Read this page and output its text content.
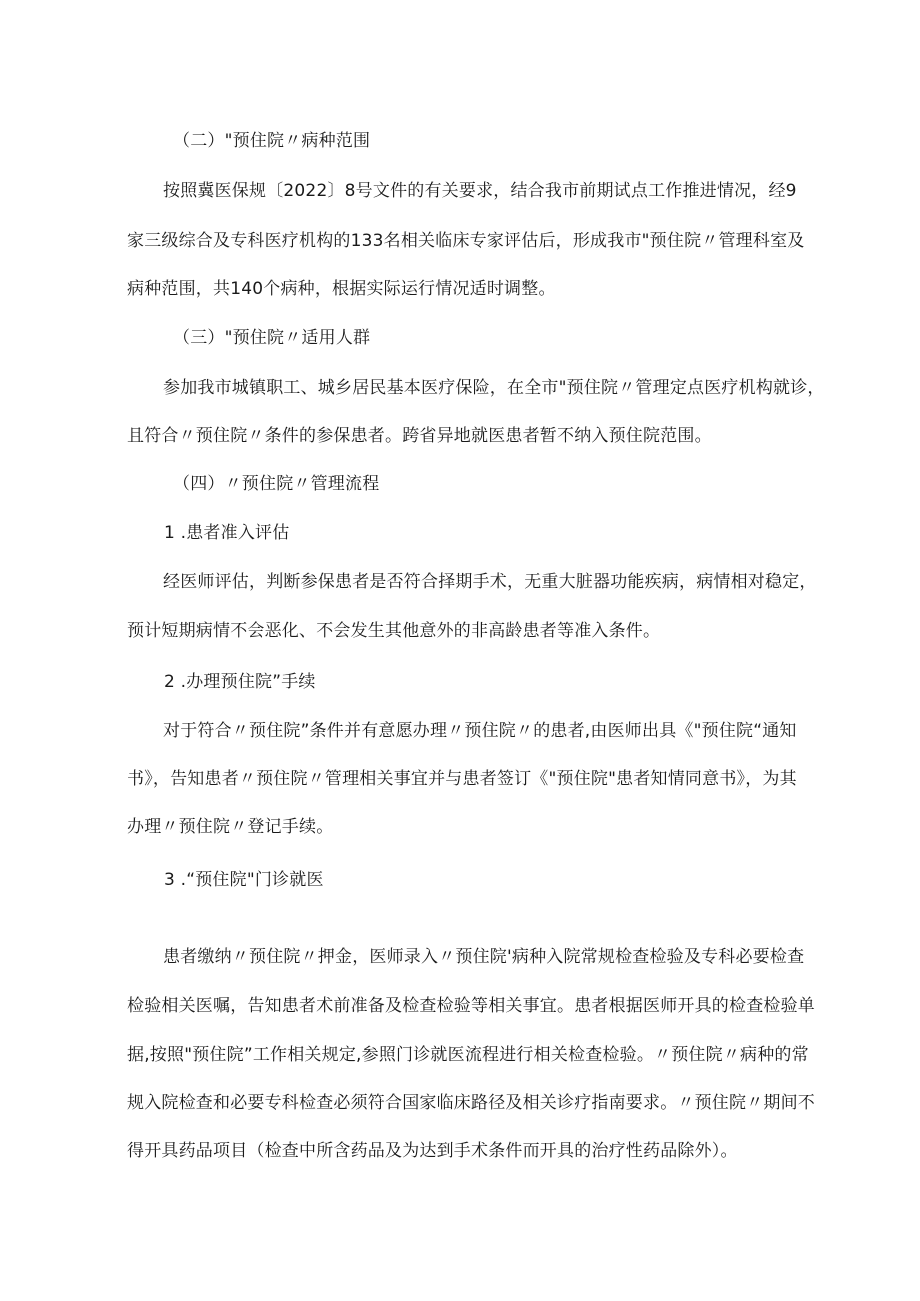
（二）"预住院〃病种范围
按照冀医保规〔2022〕8号文件的有关要求，结合我市前期试点工作推进情况，经9
家三级综合及专科医疗机构的133名相关临床专家评估后，形成我市"预住院〃管理科室及
病种范围，共140个病种，根据实际运行情况适时调整。
（三）"预住院〃适用人群
参加我市城镇职工、城乡居民基本医疗保险，在全市"预住院〃管理定点医疗机构就诊，
且符合〃预住院〃条件的参保患者。跨省异地就医患者暂不纳入预住院范围。
（四）〃预住院〃管理流程
1 .患者准入评估
经医师评估，判断参保患者是否符合择期手术，无重大脏器功能疾病，病情相对稳定，
预计短期病情不会恶化、不会发生其他意外的非高龄患者等准入条件。
2 .办理预住院”手续
对于符合〃预住院”条件并有意愿办理〃预住院〃的患者,由医师出具《"预住院“通知
书》，告知患者〃预住院〃管理相关事宜并与患者签订《"预住院"患者知情同意书》，为其
办理〃预住院〃登记手续。
3 .“预住院"门诊就医
患者缴纳〃预住院〃押金，医师录入〃预住院'病种入院常规检查检验及专科必要检查
检验相关医嘱，告知患者术前准备及检查检验等相关事宜。患者根据医师开具的检查检验单
据,按照"预住院”工作相关规定,参照门诊就医流程进行相关检查检验。〃预住院〃病种的常
规入院检查和必要专科检查必须符合国家临床路径及相关诊疗指南要求。〃预住院〃期间不
得开具药品项目（检查中所含药品及为达到手术条件而开具的治疗性药品除外）。
